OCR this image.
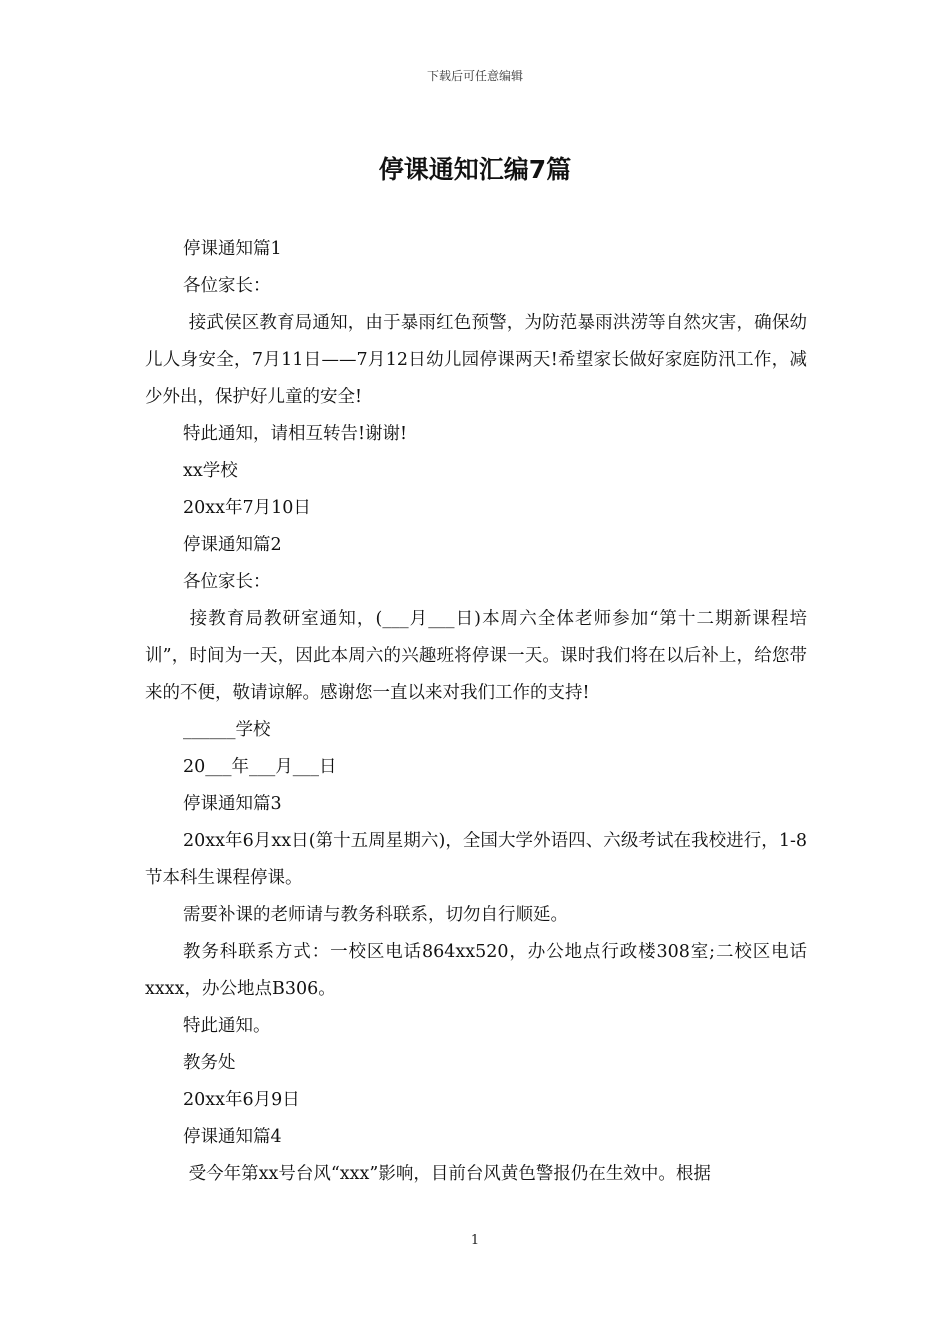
下载后可任意编辑
停课通知汇编7篇

停课通知篇1

各位家长：

接武侯区教育局通知，由于暴雨红色预警，为防范暴雨洪涝等自然灾害，确保幼儿人身安全，7月11日——7月12日幼儿园停课两天!希望家长做好家庭防汛工作，减少外出，保护好儿童的安全!

特此通知，请相互转告!谢谢!

xx学校

20xx年7月10日

停课通知篇2

各位家长：

接教育局教研室通知，(___月___日)本周六全体老师参加“第十二期新课程培训”，时间为一天，因此本周六的兴趣班将停课一天。课时我们将在以后补上，给您带来的不便，敬请谅解。感谢您一直以来对我们工作的支持!

______学校

20___年___月___日

停课通知篇3

20xx年6月xx日(第十五周星期六)，全国大学外语四、六级考试在我校进行，1-8节本科生课程停课。

需要补课的老师请与教务科联系，切勿自行顺延。

教务科联系方式：一校区电话864xx520，办公地点行政楼308室;二校区电话xxxx，办公地点B306。

特此通知。

教务处

20xx年6月9日

停课通知篇4

受今年第xx号台风“xxx”影响，目前台风黄色警报仍在生效中。根据

1
